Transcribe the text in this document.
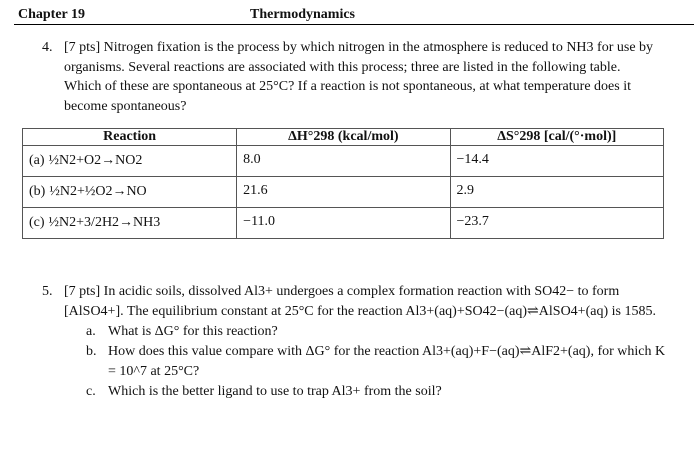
Chapter 19	Thermodynamics
4. [7 pts] Nitrogen fixation is the process by which nitrogen in the atmosphere is reduced to NH3 for use by organisms. Several reactions are associated with this process; three are listed in the following table. Which of these are spontaneous at 25°C? If a reaction is not spontaneous, at what temperature does it become spontaneous?
Reaction	ΔH°298 (kcal/mol)	ΔS°298 [cal/(°·mol)]

(a) ½N2+O2→NO2	8.0	−14.4

(b) ½N2+½O2→NO	21.6	2.9

(c) ½N2+3/2H2→NH3	−11.0	−23.7
5. [7 pts] In acidic soils, dissolved Al3+ undergoes a complex formation reaction with SO42− to form [AlSO4+]. The equilibrium constant at 25°C for the reaction Al3+(aq)+SO42−(aq)⇌AlSO4+(aq) is 1585.
a. What is ΔG° for this reaction?
b. How does this value compare with ΔG° for the reaction Al3+(aq)+F−(aq)⇌AlF2+(aq), for which K = 10^7 at 25°C?
c. Which is the better ligand to use to trap Al3+ from the soil?
